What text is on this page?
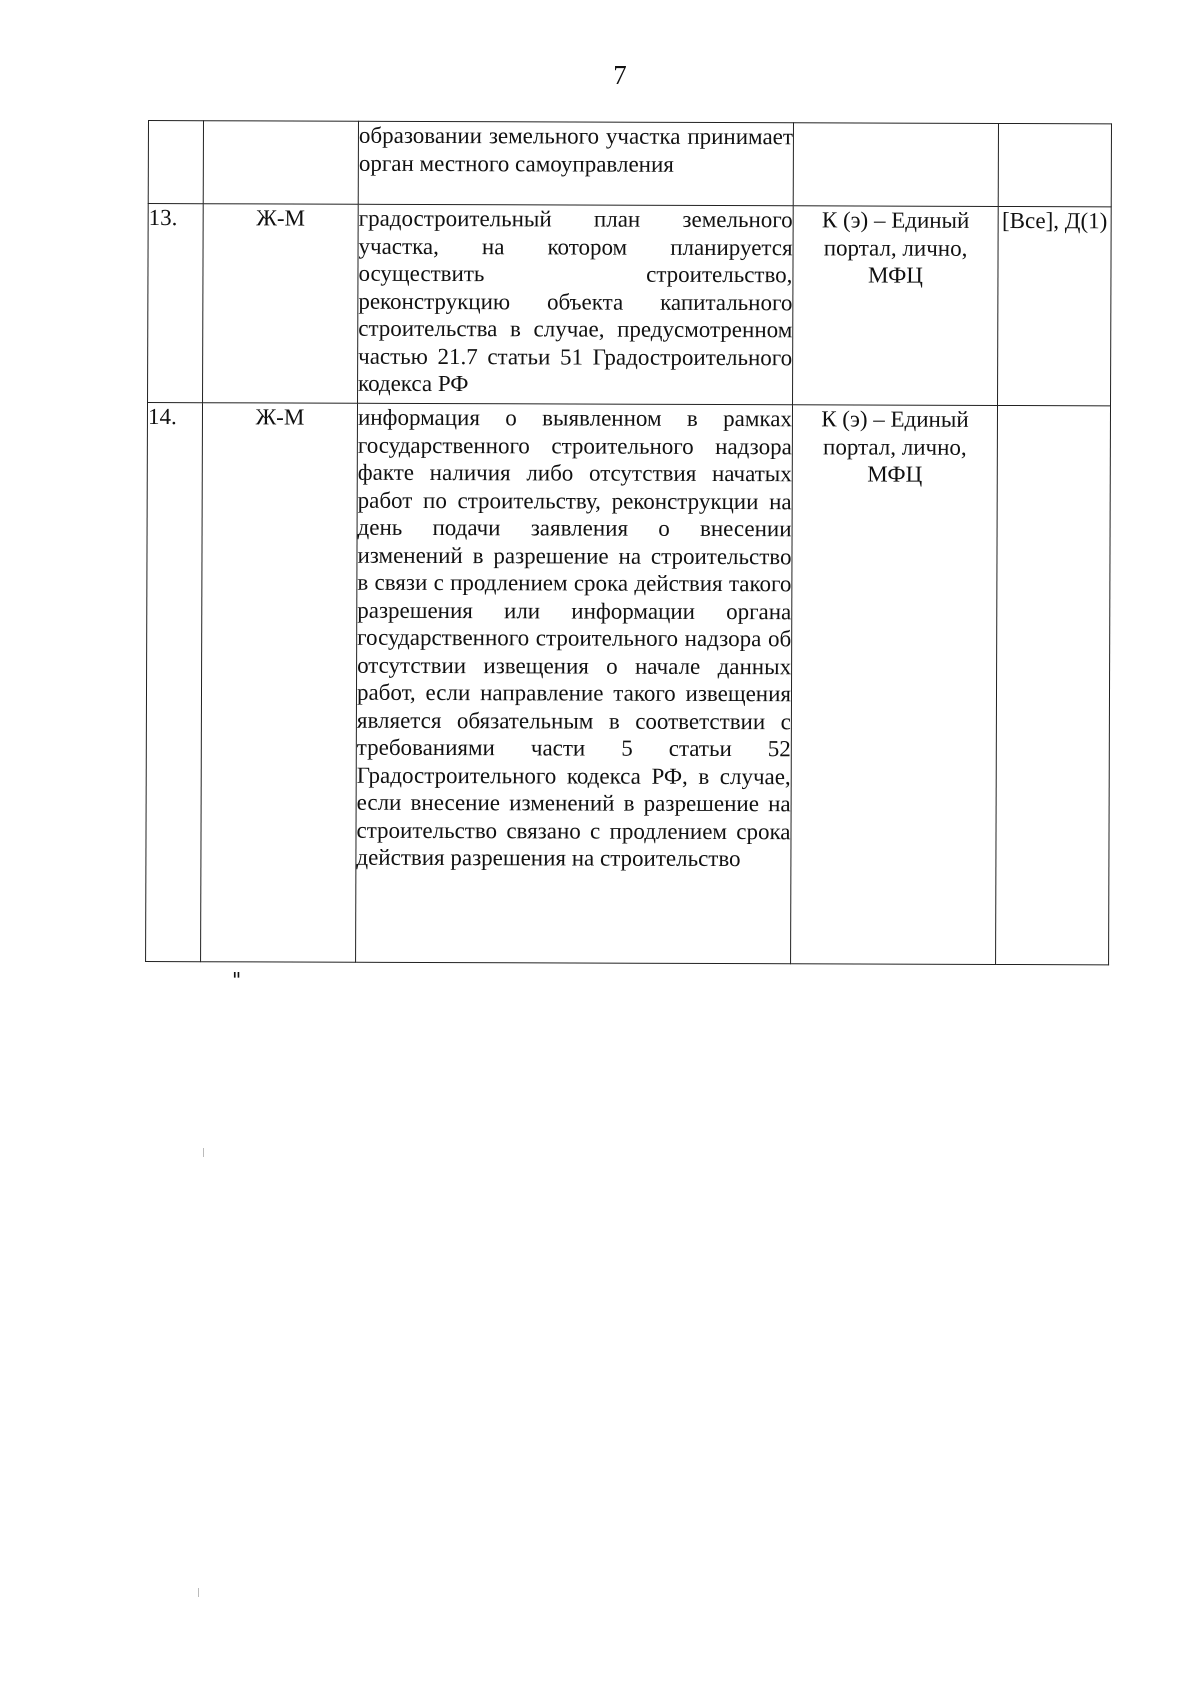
7
		образовании земельного участка принимает орган местного самоуправления		
13.	Ж-М	градостроительный план земельного участка, на котором планируется осуществить строительство, реконструкцию объекта капитального строительства в случае, предусмотренном частью 21.7 статьи 51 Градостроительного кодекса РФ	К (э) – Единый портал, лично, МФЦ	[Все], Д(1)
14.	Ж-М	информация о выявленном в рамках государственного строительного надзора факте наличия либо отсутствия начатых работ по строительству, реконструкции на день подачи заявления о внесении изменений в разрешение на строительство в связи с продлением срока действия такого разрешения или информации органа государственного строительного надзора об отсутствии извещения о начале данных работ, если направление такого извещения является обязательным в соответствии с требованиями части 5 статьи 52 Градостроительного кодекса РФ, в случае, если внесение изменений в разрешение на строительство связано с продлением срока действия разрешения на строительство	К (э) – Единый портал, лично, МФЦ	
"
